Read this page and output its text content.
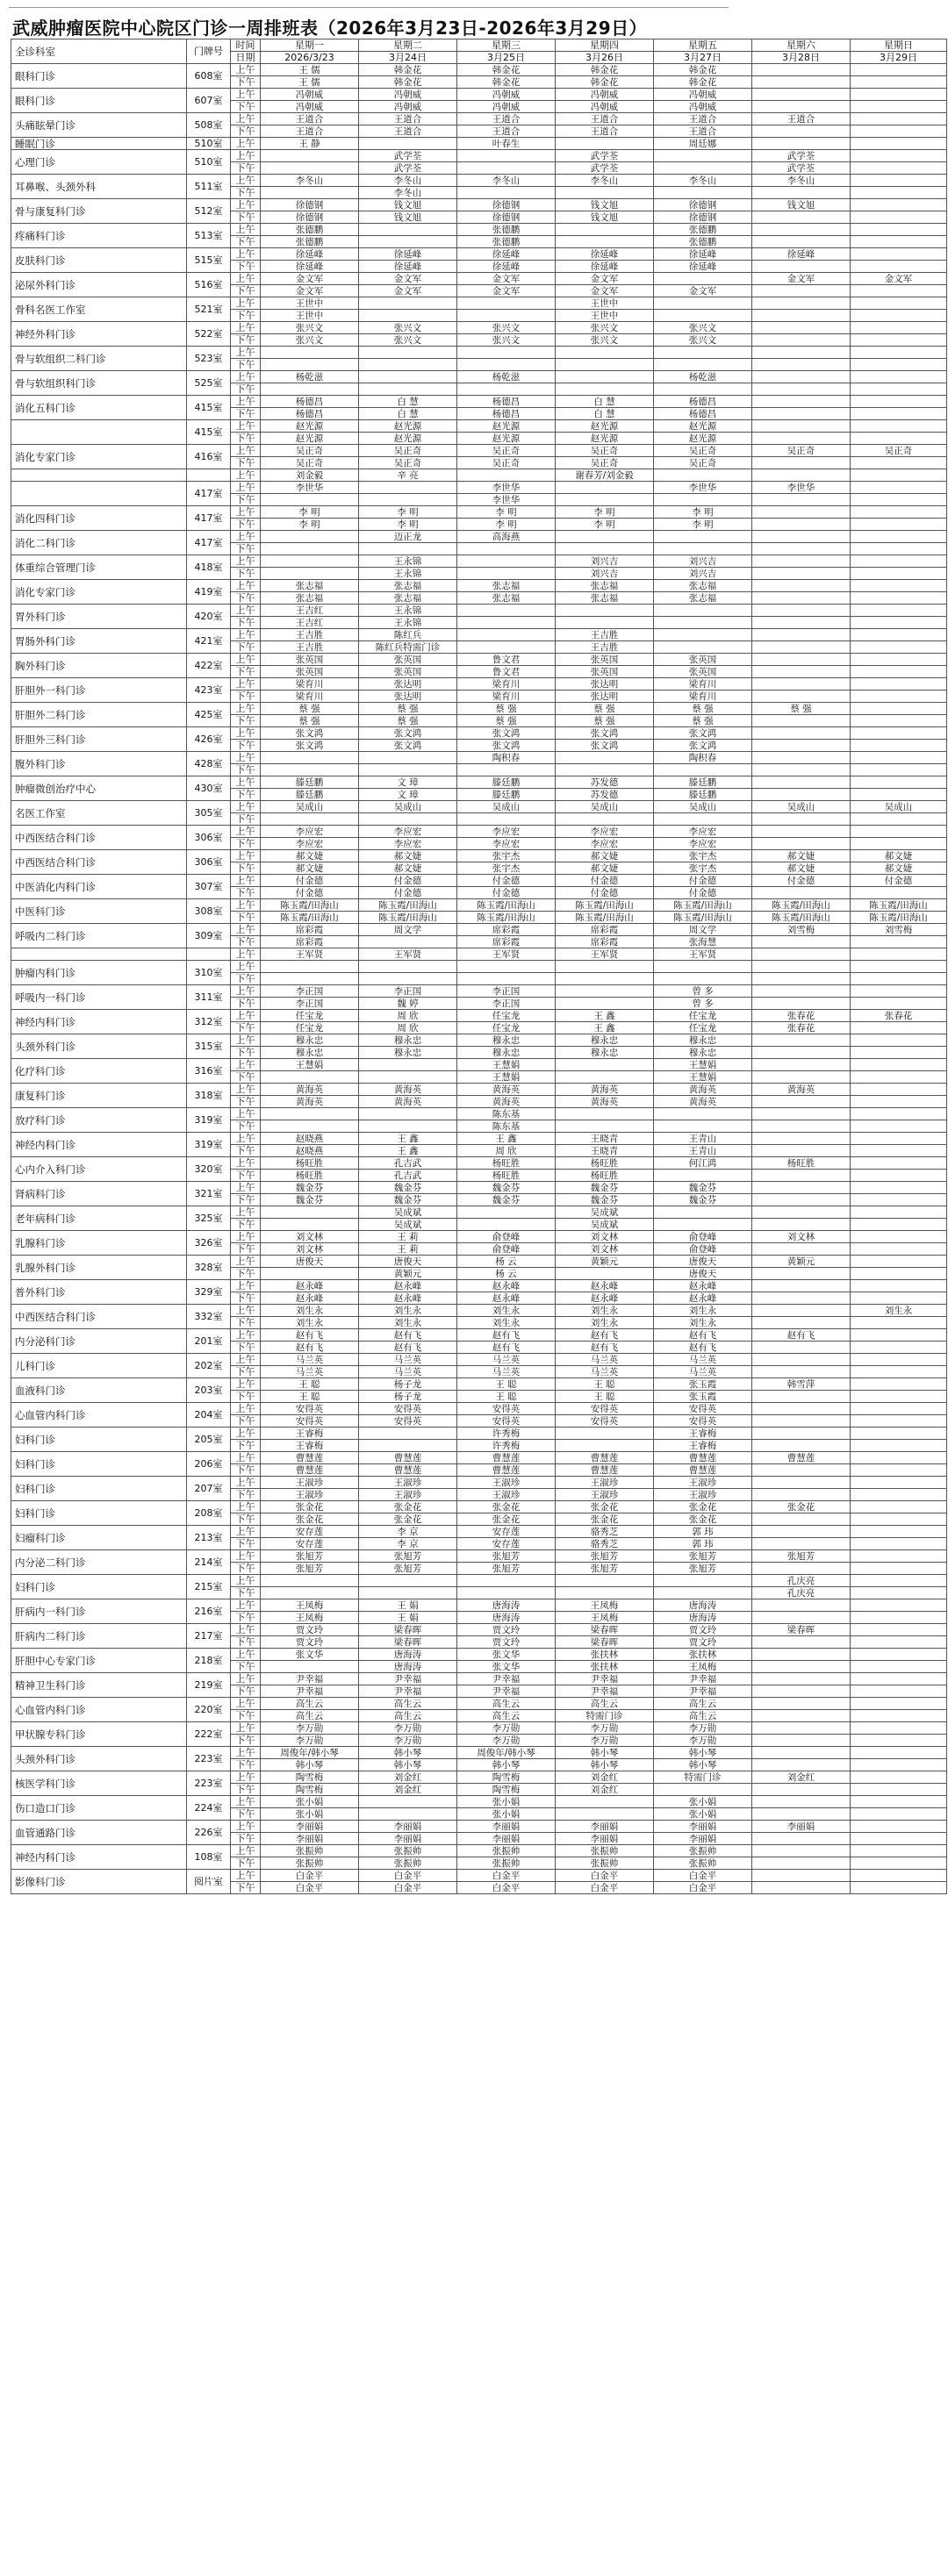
武威肿瘤医院中心院区门诊一周排班表（2026年3月23日-2026年3月29日）
全诊科室	门牌号	时间	星期一	星期二	星期三	星期四	星期五	星期六	星期日
		日期	2026/3/23	3月24日	3月25日	3月26日	3月27日	3月28日	3月29日
眼科门诊	608室	上午	王 儒	韩金花	韩金花	韩金花	韩金花		
		下午	王 儒	韩金花	韩金花	韩金花	韩金花		
眼科门诊	607室	上午	冯朝威	冯朝威	冯朝威	冯朝威	冯朝威		
		下午	冯朝威	冯朝威	冯朝威	冯朝威	冯朝威		
头痛眩晕门诊	508室	上午	王道合	王道合	王道合	王道合	王道合	王道合	
		下午	王道合	王道合	王道合	王道合	王道合		
睡眠门诊	510室	上午	王 静		叶春生		周廷娜		
心理门诊	510室	上午		武学荃		武学荃		武学荃	
		下午		武学荃		武学荃		武学荃	
耳鼻喉、头颈外科	511室	上午	李冬山	李冬山	李冬山	李冬山	李冬山	李冬山	
		下午		李冬山					
骨与康复科门诊	512室	上午	徐德钢	钱文旭	徐德钢	钱文旭	徐德钢	钱文旭	
		下午	徐德钢	钱文旭	徐德钢	钱文旭	徐德钢		
疼痛科门诊	513室	上午	张德鹏		张德鹏		张德鹏		
		下午	张德鹏		张德鹏		张德鹏		
皮肤科门诊	515室	上午	徐延峰	徐延峰	徐延峰	徐延峰	徐延峰	徐延峰	
		下午	徐延峰	徐延峰	徐延峰	徐延峰	徐延峰		
泌尿外科门诊	516室	上午	金文军	金文军	金文军	金文军		金文军	金文军
		下午	金文军	金文军	金文军	金文军	金文军		
骨科名医工作室	521室	上午	王世中			王世中			
		下午	王世中			王世中			
神经外科门诊	522室	上午	张兴文	张兴文	张兴文	张兴文	张兴文		
		下午	张兴文	张兴文	张兴文	张兴文	张兴文		
骨与软组织二科门诊	523室	上午							
		下午							
骨与软组织科门诊	525室	上午	杨乾滋		杨乾滋		杨乾滋		
		下午							
消化五科门诊	415室	上午	杨德昌	白 慧	杨德昌	白 慧	杨德昌		
		下午	杨德昌	白 慧	杨德昌	白 慧	杨德昌		
	415室	上午	赵光源	赵光源	赵光源	赵光源	赵光源		
		下午	赵光源	赵光源	赵光源	赵光源	赵光源		
消化专家门诊	416室	上午	吴正奇	吴正奇	吴正奇	吴正奇	吴正奇	吴正奇	吴正奇
		下午	吴正奇	吴正奇	吴正奇	吴正奇	吴正奇		
		上午	刘金毅	辛 亮		谢春芳/刘金毅			
	417室	上午	李世华		李世华		李世华	李世华	
		下午			李世华				
消化四科门诊	417室	上午	李 明	李 明	李 明	李 明	李 明		
		下午	李 明	李 明	李 明	李 明	李 明		
消化二科门诊	417室	上午		迈正龙	高海燕				
		下午							
体重综合管理门诊	418室	上午		王永锦		刘兴吉	刘兴吉		
		下午		王永锦		刘兴吉	刘兴吉		
消化专家门诊	419室	上午	张志福	张志福	张志福	张志福	张志福		
		下午	张志福	张志福	张志福	张志福	张志福		
胃外科门诊	420室	上午	王吉红	王永锦					
		下午	王吉红	王永锦					
胃肠外科门诊	421室	上午	王吉胜	陈红兵		王吉胜			
		下午	王吉胜	陈红兵特需门诊		王吉胜			
胸外科门诊	422室	上午	张英国	张英国	鲁文君	张英国	张英国		
		下午	张英国	张英国	鲁文君	张英国	张英国		
肝胆外一科门诊	423室	上午	梁育川	张达明	梁育川	张达明	梁育川		
		下午	梁育川	张达明	梁育川	张达明	梁育川		
肝胆外二科门诊	425室	上午	蔡 强	蔡 强	蔡 强	蔡 强	蔡 强	蔡 强	
		下午	蔡 强	蔡 强	蔡 强	蔡 强	蔡 强		
肝胆外三科门诊	426室	上午	张文鸿	张文鸿	张文鸿	张文鸿	张文鸿		
		下午	张文鸿	张文鸿	张文鸿	张文鸿	张文鸿		
腹外科门诊	428室	上午			陶积春		陶积春		
		下午							
肿瘤微创治疗中心	430室	上午	滕廷鹏	文 璋	滕廷鹏	苏发德	滕廷鹏		
		下午	滕廷鹏	文 璋	滕廷鹏	苏发德	滕廷鹏		
名医工作室	305室	上午	吴成山	吴成山	吴成山	吴成山	吴成山	吴成山	吴成山
		下午							
中西医结合科门诊	306室	上午	李应宏	李应宏	李应宏	李应宏	李应宏		
		下午	李应宏	李应宏	李应宏	李应宏	李应宏		
中西医结合科门诊	306室	上午	郝文婕	郝文婕	张宇杰	郝文婕	张宇杰	郝文婕	郝文婕
		下午	郝文婕	郝文婕	张宇杰	郝文婕	张宇杰	郝文婕	郝文婕
中医消化内科门诊	307室	上午	付金德	付金德	付金德	付金德	付金德	付金德	付金德
		下午	付金德	付金德	付金德	付金德	付金德		
中医科门诊	308室	上午	陈玉霞/田海山	陈玉霞/田海山	陈玉霞/田海山	陈玉霞/田海山	陈玉霞/田海山	陈玉霞/田海山	陈玉霞/田海山
		下午	陈玉霞/田海山	陈玉霞/田海山	陈玉霞/田海山	陈玉霞/田海山	陈玉霞/田海山	陈玉霞/田海山	陈玉霞/田海山
呼吸内二科门诊	309室	上午	席彩霞	周文学	席彩霞	席彩霞	周文学	刘雪梅	刘雪梅
		下午	席彩霞		席彩霞	席彩霞	张海慧		
		上午	王军贤	王军贤	王军贤	王军贤	王军贤		
肿瘤内科门诊	310室	上午							
		下午							
呼吸内一科门诊	311室	上午	李正国	李正国	李正国		曾 多		
		下午	李正国	魏 婷	李正国		曾 多		
神经内科门诊	312室	上午	任宝龙	周 欣	任宝龙	王 鑫	任宝龙	张春花	张春花
		下午	任宝龙	周 欣	任宝龙	王 鑫	任宝龙	张春花	
头颈外科门诊	315室	上午	穆永忠	穆永忠	穆永忠	穆永忠	穆永忠		
		下午	穆永忠	穆永忠	穆永忠	穆永忠	穆永忠		
化疗科门诊	316室	上午	王慧娟		王慧娟		王慧娟		
		下午			王慧娟		王慧娟		
康复科门诊	318室	上午	黄海英	黄海英	黄海英	黄海英	黄海英	黄海英	
		下午	黄海英	黄海英	黄海英	黄海英	黄海英		
放疗科门诊	319室	上午			陈东基				
		下午			陈东基				
神经内科门诊	319室	上午	赵晓燕	王 鑫	王 鑫	王晓青	王青山		
		下午	赵晓燕	王 鑫	周 欣	王晓青	王青山		
心内介入科门诊	320室	上午	杨旺胜	孔吉武	杨旺胜	杨旺胜	何江鸿	杨旺胜	
		下午	杨旺胜	孔吉武	杨旺胜	杨旺胜			
肾病科门诊	321室	上午	魏金芬	魏金芬	魏金芬	魏金芬	魏金芬		
		下午	魏金芬	魏金芬	魏金芬	魏金芬	魏金芬		
老年病科门诊	325室	上午		吴成斌		吴成斌			
		下午		吴成斌		吴成斌			
乳腺科门诊	326室	上午	刘文林	王 莉	俞登峰	刘文林	俞登峰	刘文林	
		下午	刘文林	王 莉	俞登峰	刘文林	俞登峰		
乳腺外科门诊	328室	上午	唐俊天	唐俊天	杨 云	黄颖元	唐俊天	黄颖元	
		下午		黄颖元	杨 云		唐俊天		
普外科门诊	329室	上午	赵永峰	赵永峰	赵永峰	赵永峰	赵永峰		
		下午	赵永峰	赵永峰	赵永峰	赵永峰	赵永峰		
中西医结合科门诊	332室	上午	刘生永	刘生永	刘生永	刘生永	刘生永		刘生永
		下午	刘生永	刘生永	刘生永	刘生永	刘生永		
内分泌科门诊	201室	上午	赵有飞	赵有飞	赵有飞	赵有飞	赵有飞	赵有飞	
		下午	赵有飞	赵有飞	赵有飞	赵有飞	赵有飞		
儿科门诊	202室	上午	马兰英	马兰英	马兰英	马兰英	马兰英		
		下午	马兰英	马兰英	马兰英	马兰英	马兰英		
血液科门诊	203室	上午	王 聪	杨子龙	王 聪	王 聪	张玉霞	韩雪萍	
		下午	王 聪	杨子龙	王 聪	王 聪	张玉霞		
心血管内科门诊	204室	上午	安得英	安得英	安得英	安得英	安得英		
		下午	安得英	安得英	安得英	安得英	安得英		
妇科门诊	205室	上午	王睿梅		许秀梅		王睿梅		
		下午	王睿梅		许秀梅		王睿梅		
妇科门诊	206室	上午	曹慧莲	曹慧莲	曹慧莲	曹慧莲	曹慧莲	曹慧莲	
		下午	曹慧莲	曹慧莲	曹慧莲	曹慧莲	曹慧莲		
妇科门诊	207室	上午	王淑珍	王淑珍	王淑珍	王淑珍	王淑珍		
		下午	王淑珍	王淑珍	王淑珍	王淑珍	王淑珍		
妇科门诊	208室	上午	张金花	张金花	张金花	张金花	张金花	张金花	
		下午	张金花	张金花	张金花	张金花	张金花		
妇瘤科门诊	213室	上午	安存莲	李 京	安存莲	骆秀芝	郭 玮		
		下午	安存莲	李 京	安存莲	骆秀芝	郭 玮		
内分泌二科门诊	214室	上午	张旭芳	张旭芳	张旭芳	张旭芳	张旭芳	张旭芳	
		下午	张旭芳	张旭芳	张旭芳	张旭芳	张旭芳		
妇科门诊	215室	上午						孔庆亮	
		下午						孔庆亮	
肝病内一科门诊	216室	上午	王凤梅	王 娟	唐海涛	王凤梅	唐海涛		
		下午	王凤梅	王 娟	唐海涛	王凤梅	唐海涛		
肝病内二科门诊	217室	上午	贾文玲	梁春晖	贾文玲	梁春晖	贾文玲	梁春晖	
		下午	贾文玲	梁春晖	贾文玲	梁春晖	贾文玲		
肝胆中心专家门诊	218室	上午	张文华	唐海涛	张文华	张扶林	张扶林		
		下午		唐海涛	张文华	张扶林	王凤梅		
精神卫生科门诊	219室	上午	尹幸福	尹幸福	尹幸福	尹幸福	尹幸福		
		下午	尹幸福	尹幸福	尹幸福	尹幸福	尹幸福		
心血管内科门诊	220室	上午	高生云	高生云	高生云	高生云	高生云		
		下午	高生云	高生云	高生云	特需门诊	高生云		
甲状腺专科门诊	222室	上午	李万勋	李万勋	李万勋	李万勋	李万勋		
		下午	李万勋	李万勋	李万勋	李万勋	李万勋		
头颈外科门诊	223室	上午	周俊年/韩小琴	韩小琴	周俊年/韩小琴	韩小琴	韩小琴		
		下午	韩小琴	韩小琴	韩小琴	韩小琴	韩小琴		
核医学科门诊	223室	上午	陶雪梅	刘金红	陶雪梅	刘金红	特需门诊	刘金红	
		下午	陶雪梅	刘金红	陶雪梅	刘金红			
伤口造口门诊	224室	上午	张小娟		张小娟		张小娟		
		下午	张小娟		张小娟		张小娟		
血管通路门诊	226室	上午	李丽娟	李丽娟	李丽娟	李丽娟	李丽娟	李丽娟	
		下午	李丽娟	李丽娟	李丽娟	李丽娟	李丽娟		
神经内科门诊	108室	上午	张振帅	张振帅	张振帅	张振帅	张振帅		
		下午	张振帅	张振帅	张振帅	张振帅	张振帅		
影像科门诊	阅片室	上午	白金平	白金平	白金平	白金平	白金平		
		下午	白金平	白金平	白金平	白金平	白金平		
